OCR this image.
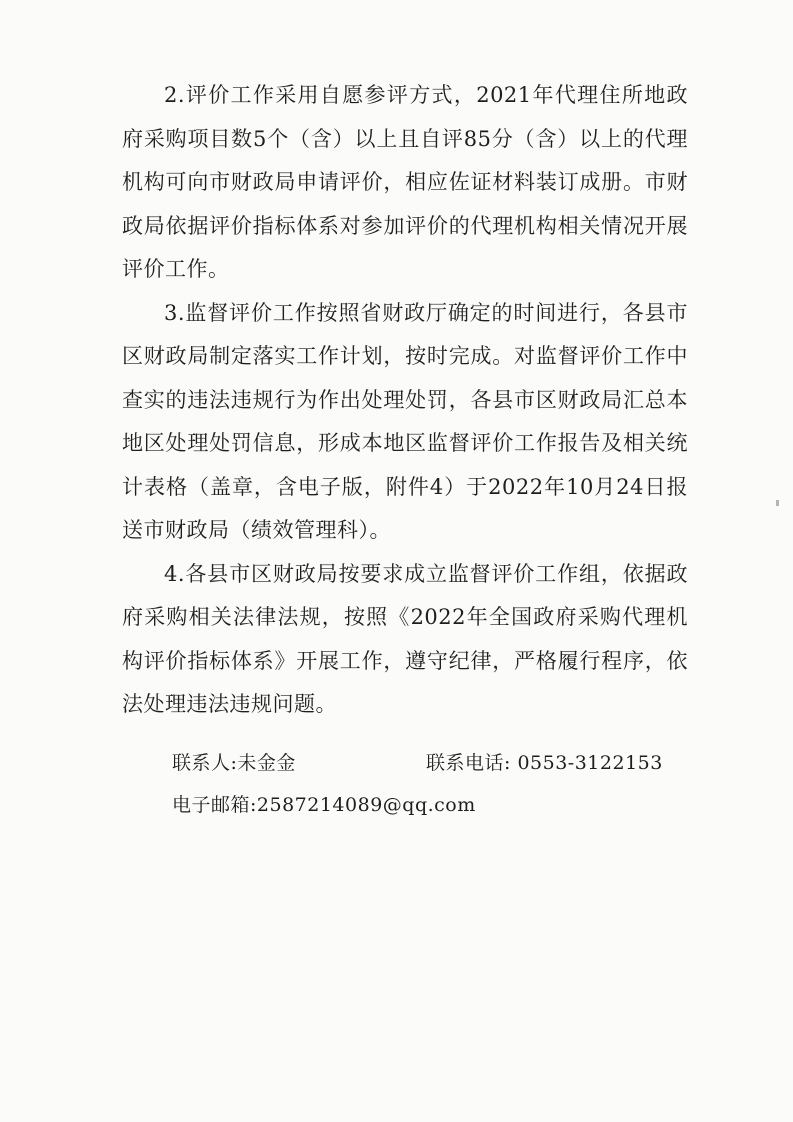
2.评价工作采用自愿参评方式，2021年代理住所地政府采购项目数5个（含）以上且自评85分（含）以上的代理机构可向市财政局申请评价，相应佐证材料装订成册。市财政局依据评价指标体系对参加评价的代理机构相关情况开展评价工作。

3.监督评价工作按照省财政厅确定的时间进行，各县市区财政局制定落实工作计划，按时完成。对监督评价工作中查实的违法违规行为作出处理处罚，各县市区财政局汇总本地区处理处罚信息，形成本地区监督评价工作报告及相关统计表格（盖章，含电子版，附件4）于2022年10月24日报送市财政局（绩效管理科）。

4.各县市区财政局按要求成立监督评价工作组，依据政府采购相关法律法规，按照《2022年全国政府采购代理机构评价指标体系》开展工作，遵守纪律，严格履行程序，依法处理违法违规问题。

联系人:未金金	联系电话: 0553-3122153
电子邮箱:2587214089@qq.com
